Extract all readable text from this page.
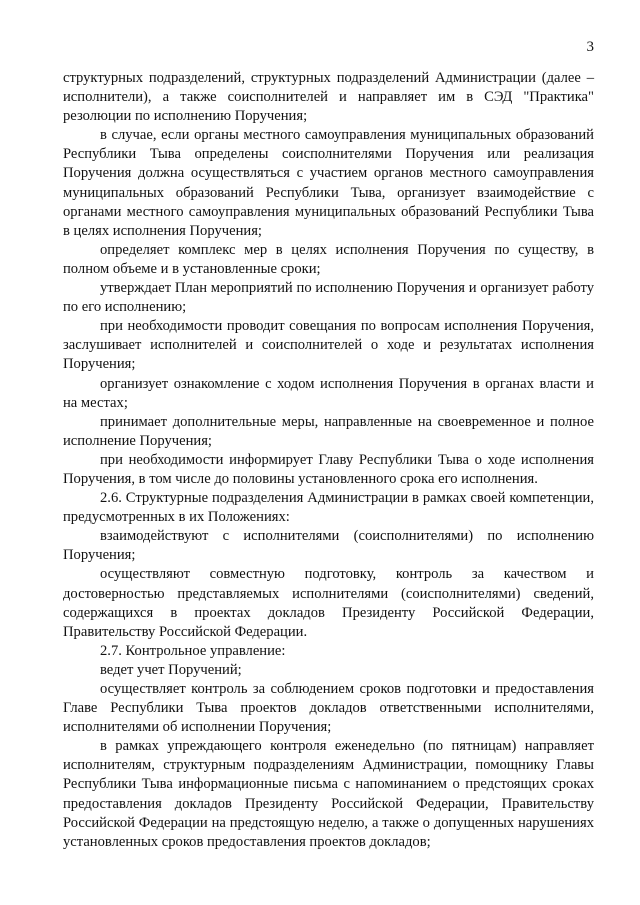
3

структурных подразделений, структурных подразделений Администрации (далее – исполнители), а также соисполнителей и направляет им в СЭД "Практика" резолюции по исполнению Поручения;

в случае, если органы местного самоуправления муниципальных образований Республики Тыва определены соисполнителями Поручения или реализация Поручения должна осуществляться с участием органов местного самоуправления муниципальных образований Республики Тыва, организует взаимодействие с органами местного самоуправления муниципальных образований Республики Тыва в целях исполнения Поручения;

определяет комплекс мер в целях исполнения Поручения по существу, в полном объеме и в установленные сроки;

утверждает План мероприятий по исполнению Поручения и организует работу по его исполнению;

при необходимости проводит совещания по вопросам исполнения Поручения, заслушивает исполнителей и соисполнителей о ходе и результатах исполнения Поручения;

организует ознакомление с ходом исполнения Поручения в органах власти и на местах;

принимает дополнительные меры, направленные на своевременное и полное исполнение Поручения;

при необходимости информирует Главу Республики Тыва о ходе исполнения Поручения, в том числе до половины установленного срока его исполнения.

2.6. Структурные подразделения Администрации в рамках своей компетенции, предусмотренных в их Положениях:

взаимодействуют с исполнителями (соисполнителями) по исполнению Поручения;

осуществляют совместную подготовку, контроль за качеством и достоверностью представляемых исполнителями (соисполнителями) сведений, содержащихся в проектах докладов Президенту Российской Федерации, Правительству Российской Федерации.

2.7. Контрольное управление:

ведет учет Поручений;

осуществляет контроль за соблюдением сроков подготовки и предоставления Главе Республики Тыва проектов докладов ответственными исполнителями, исполнителями об исполнении Поручения;

в рамках упреждающего контроля еженедельно (по пятницам) направляет исполнителям, структурным подразделениям Администрации, помощнику Главы Республики Тыва информационные письма с напоминанием о предстоящих сроках предоставления докладов Президенту Российской Федерации, Правительству Российской Федерации на предстоящую неделю, а также о допущенных нарушениях установленных сроков предоставления проектов докладов;
